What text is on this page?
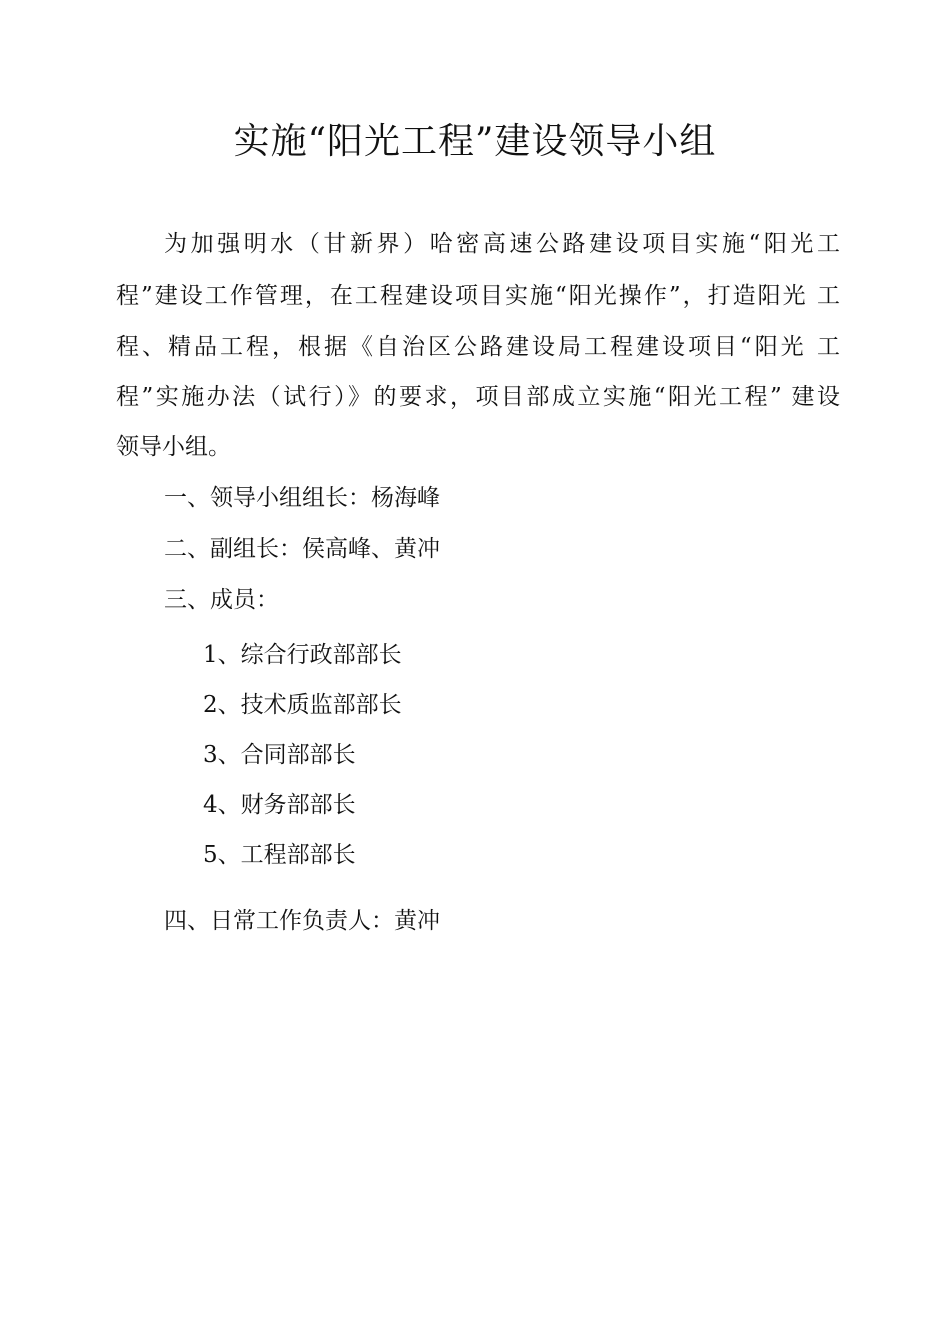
实施“阳光工程”建设领导小组
为加强明水（甘新界）哈密高速公路建设项目实施“阳光工
程”建设工作管理，在工程建设项目实施“阳光操作”，打造阳光 工
程、精品工程，根据《自治区公路建设局工程建设项目“阳光 工
程”实施办法（试行）》的要求，项目部成立实施“阳光工程” 建设
领导小组。
一、领导小组组长：杨海峰
二、副组长：侯高峰、黄冲
三、成员：
1、综合行政部部长
2、技术质监部部长
3、合同部部长
4、财务部部长
5、工程部部长
四、日常工作负责人：黄冲
